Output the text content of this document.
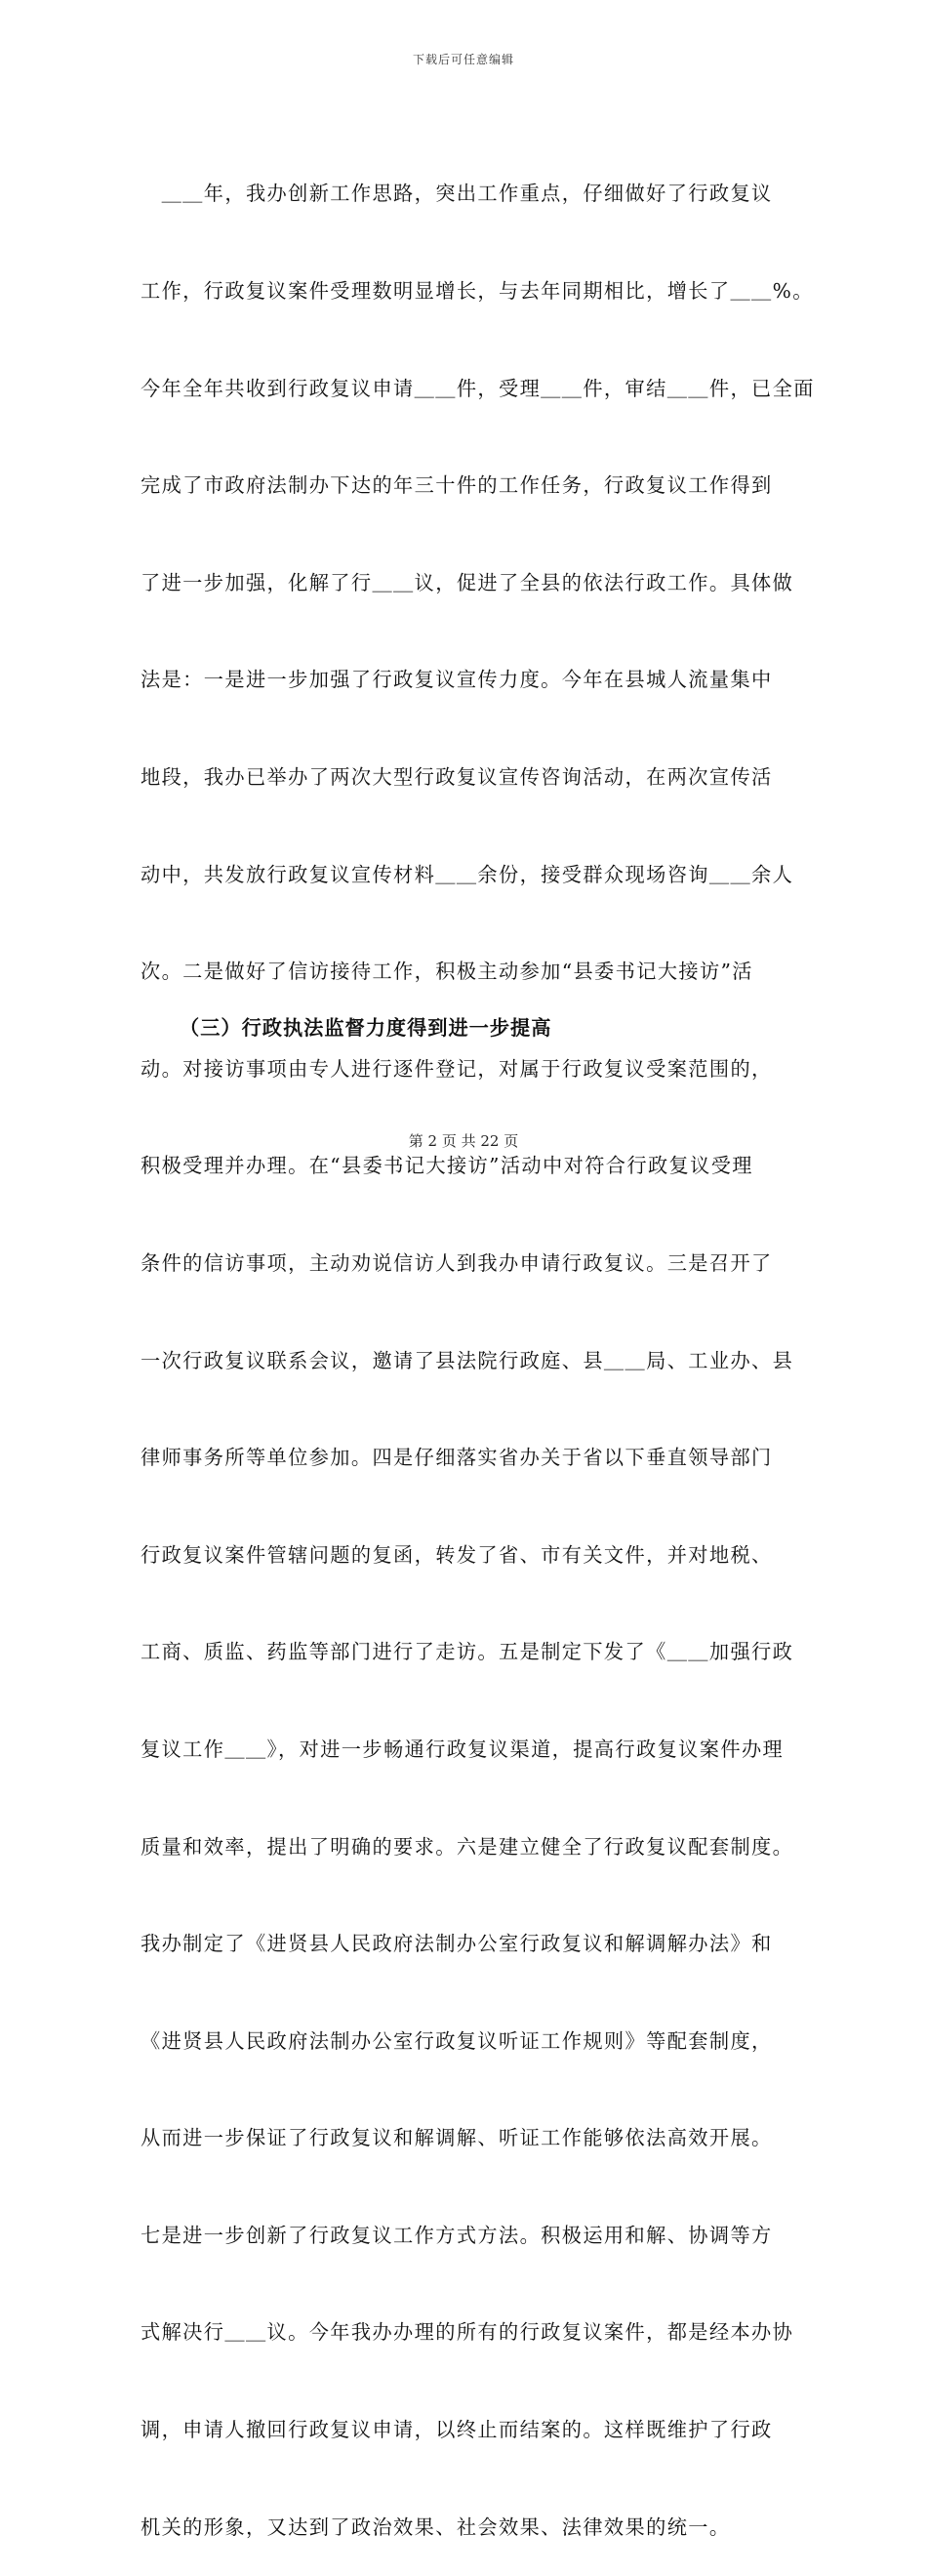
下载后可任意编辑

　＿＿年，我办创新工作思路，突出工作重点，仔细做好了行政复议

工作，行政复议案件受理数明显增长，与去年同期相比，增长了＿＿%。

今年全年共收到行政复议申请＿＿件，受理＿＿件，审结＿＿件，已全面

完成了市政府法制办下达的年三十件的工作任务，行政复议工作得到

了进一步加强，化解了行＿＿议，促进了全县的依法行政工作。具体做

法是：一是进一步加强了行政复议宣传力度。今年在县城人流量集中

地段，我办已举办了两次大型行政复议宣传咨询活动，在两次宣传活

动中，共发放行政复议宣传材料＿＿余份，接受群众现场咨询＿＿余人

次。二是做好了信访接待工作，积极主动参加“县委书记大接访”活

动。对接访事项由专人进行逐件登记，对属于行政复议受案范围的，

积极受理并办理。在“县委书记大接访”活动中对符合行政复议受理

条件的信访事项，主动劝说信访人到我办申请行政复议。三是召开了

一次行政复议联系会议，邀请了县法院行政庭、县＿＿局、工业办、县

律师事务所等单位参加。四是仔细落实省办关于省以下垂直领导部门

行政复议案件管辖问题的复函，转发了省、市有关文件，并对地税、

工商、质监、药监等部门进行了走访。五是制定下发了《＿＿加强行政

复议工作＿＿》，对进一步畅通行政复议渠道，提高行政复议案件办理

质量和效率，提出了明确的要求。六是建立健全了行政复议配套制度。

我办制定了《进贤县人民政府法制办公室行政复议和解调解办法》和

《进贤县人民政府法制办公室行政复议听证工作规则》等配套制度，

从而进一步保证了行政复议和解调解、听证工作能够依法高效开展。

七是进一步创新了行政复议工作方式方法。积极运用和解、协调等方

式解决行＿＿议。今年我办办理的所有的行政复议案件，都是经本办协

调，申请人撤回行政复议申请，以终止而结案的。这样既维护了行政

机关的形象，又达到了政治效果、社会效果、法律效果的统一。

（三）行政执法监督力度得到进一步提高
第 2 页 共 22 页
